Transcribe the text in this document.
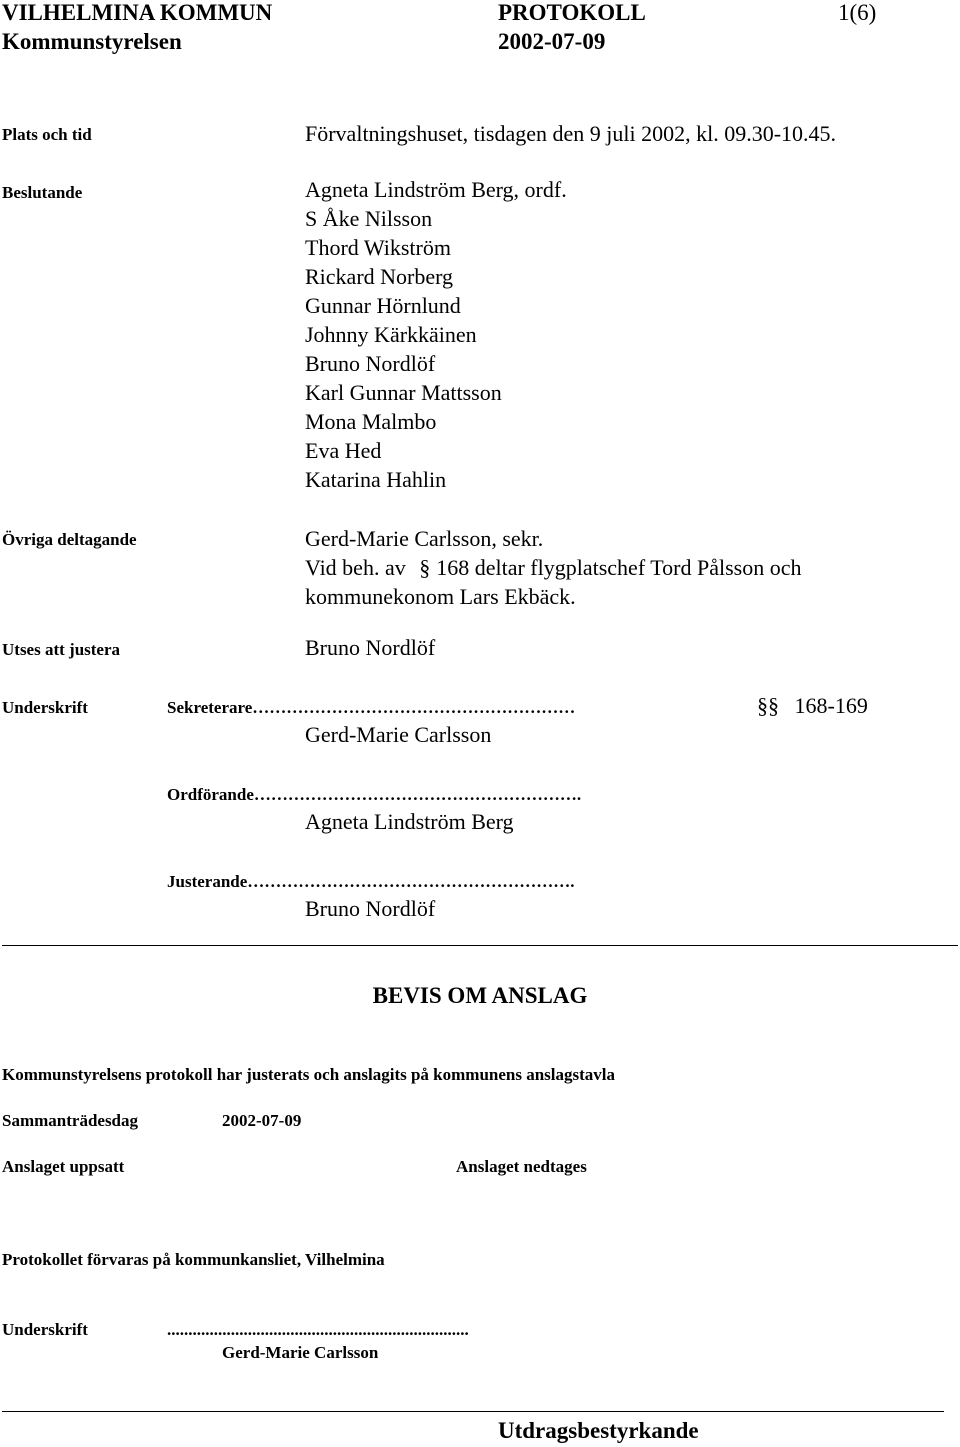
VILHELMINA KOMMUN	PROTOKOLL	1(6)
Kommunstyrelsen	2002-07-09
Plats och tid	Förvaltningshuset, tisdagen den 9 juli 2002, kl. 09.30-10.45.
Beslutande	Agneta Lindström Berg, ordf.
S Åke Nilsson
Thord Wikström
Rickard Norberg
Gunnar Hörnlund
Johnny Kärkkäinen
Bruno Nordlöf
Karl Gunnar Mattsson
Mona Malmbo
Eva Hed
Katarina Hahlin
Övriga deltagande	Gerd-Marie Carlsson, sekr.
Vid beh. av § 168 deltar flygplatschef Tord Pålsson och
kommunekonom Lars Ekbäck.
Utses att justera	Bruno Nordlöf
Underskrift	Sekreterare…………………………………………………	§§ 168-169
Gerd-Marie Carlsson
Ordförande………………………………………………….
Agneta Lindström Berg
Justerande………………………………………………….
Bruno Nordlöf
BEVIS OM ANSLAG
Kommunstyrelsens protokoll har justerats och anslagits på kommunens anslagstavla
Sammanträdesdag	2002-07-09
Anslaget uppsatt	Anslaget nedtages
Protokollet förvaras på kommunkansliet, Vilhelmina
Underskrift	.......................................................................
Gerd-Marie Carlsson
Utdragsbestyrkande
